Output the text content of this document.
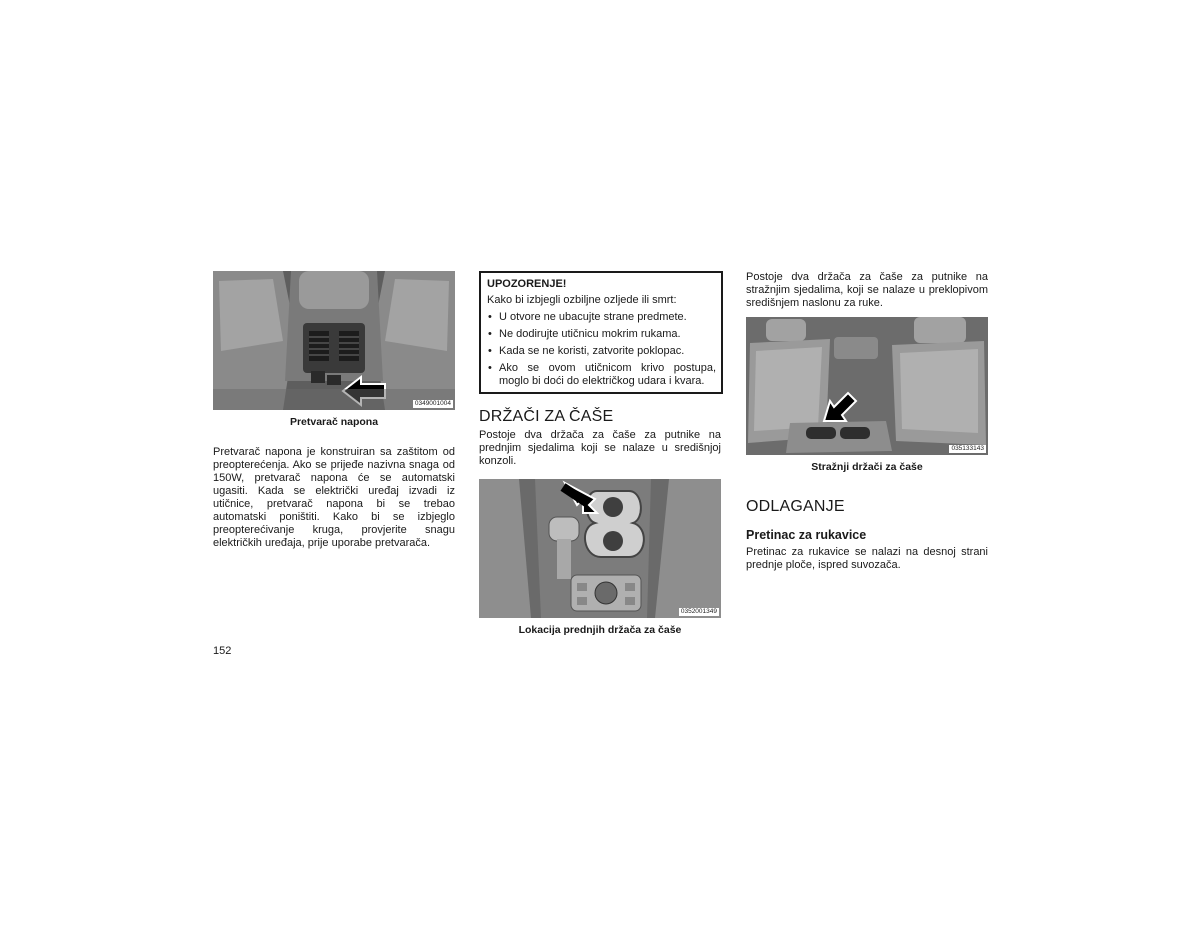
0349001004
Pretvarač napona

Pretvarač napona je konstruiran sa zaštitom od preopterećenja. Ako se prijeđe nazivna snaga od 150W, pretvarač napona će se automatski ugasiti. Kada se električki uređaj izvadi iz utičnice, pretvarač napona bi se trebao automatski poništiti. Kako bi se izbjeglo preopterećivanje kruga, provjerite snagu električkih uređaja, prije uporabe pretvarača.

UPOZORENJE!
Kako bi izbjegli ozbiljne ozljede ili smrt:
• U otvore ne ubacujte strane predmete.
• Ne dodirujte utičnicu mokrim rukama.
• Kada se ne koristi, zatvorite poklopac.
• Ako se ovom utičnicom krivo postupa, moglo bi doći do električkog udara i kvara.
DRŽAČI ZA ČAŠE

Postoje dva držača za čaše za putnike na prednjim sjedalima koji se nalaze u središnjoj konzoli.

0352001349
Lokacija prednjih držača za čaše

Postoje dva držača za čaše za putnike na stražnjim sjedalima, koji se nalaze u preklopivom središnjem naslonu za ruke.

035133143
Stražnji držači za čaše
ODLAGANJE
Pretinac za rukavice

Pretinac za rukavice se nalazi na desnoj strani prednje ploče, ispred suvozača.

152
